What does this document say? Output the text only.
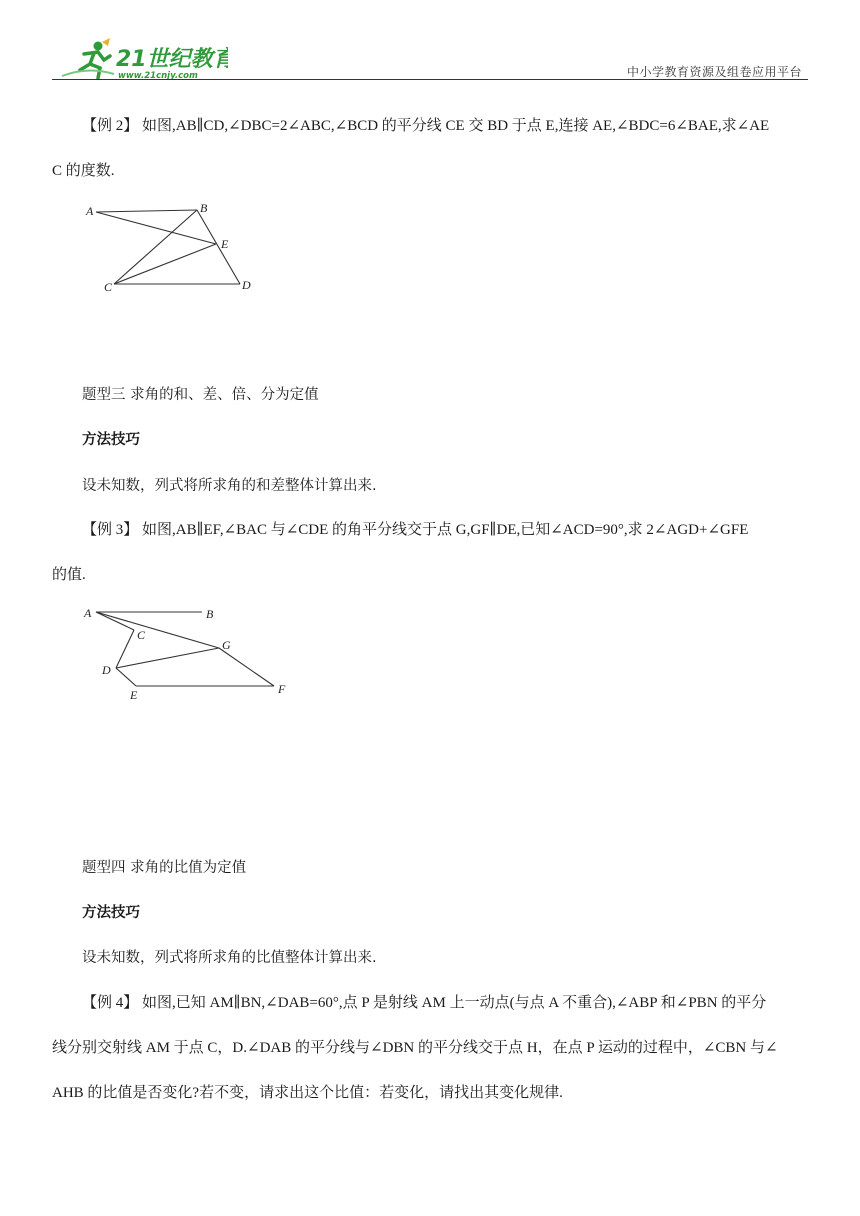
21世纪教育
www.21cnjy.com	中小学教育资源及组卷应用平台
【例 2】 如图,AB∥CD,∠DBC=2∠ABC,∠BCD 的平分线 CE 交 BD 于点 E,连接 AE,∠BDC=6∠BAE,求∠AE
C 的度数.
A	B
C	D
E
题型三 求角的和、差、倍、分为定值
方法技巧
设未知数，列式将所求角的和差整体计算出来.
【例 3】 如图,AB∥EF,∠BAC 与∠CDE 的角平分线交于点 G,GF∥DE,已知∠ACD=90°,求 2∠AGD+∠GFE
的值.
A	B
C
D
E	F
G
题型四 求角的比值为定值
方法技巧
设未知数，列式将所求角的比值整体计算出来.
【例 4】 如图,已知 AM∥BN,∠DAB=60°,点 P 是射线 AM 上一动点(与点 A 不重合),∠ABP 和∠PBN 的平分
线分别交射线 AM 于点 C，D.∠DAB 的平分线与∠DBN 的平分线交于点 H，在点 P 运动的过程中，∠CBN 与∠
AHB 的比值是否变化?若不变，请求出这个比值：若变化，请找出其变化规律.
